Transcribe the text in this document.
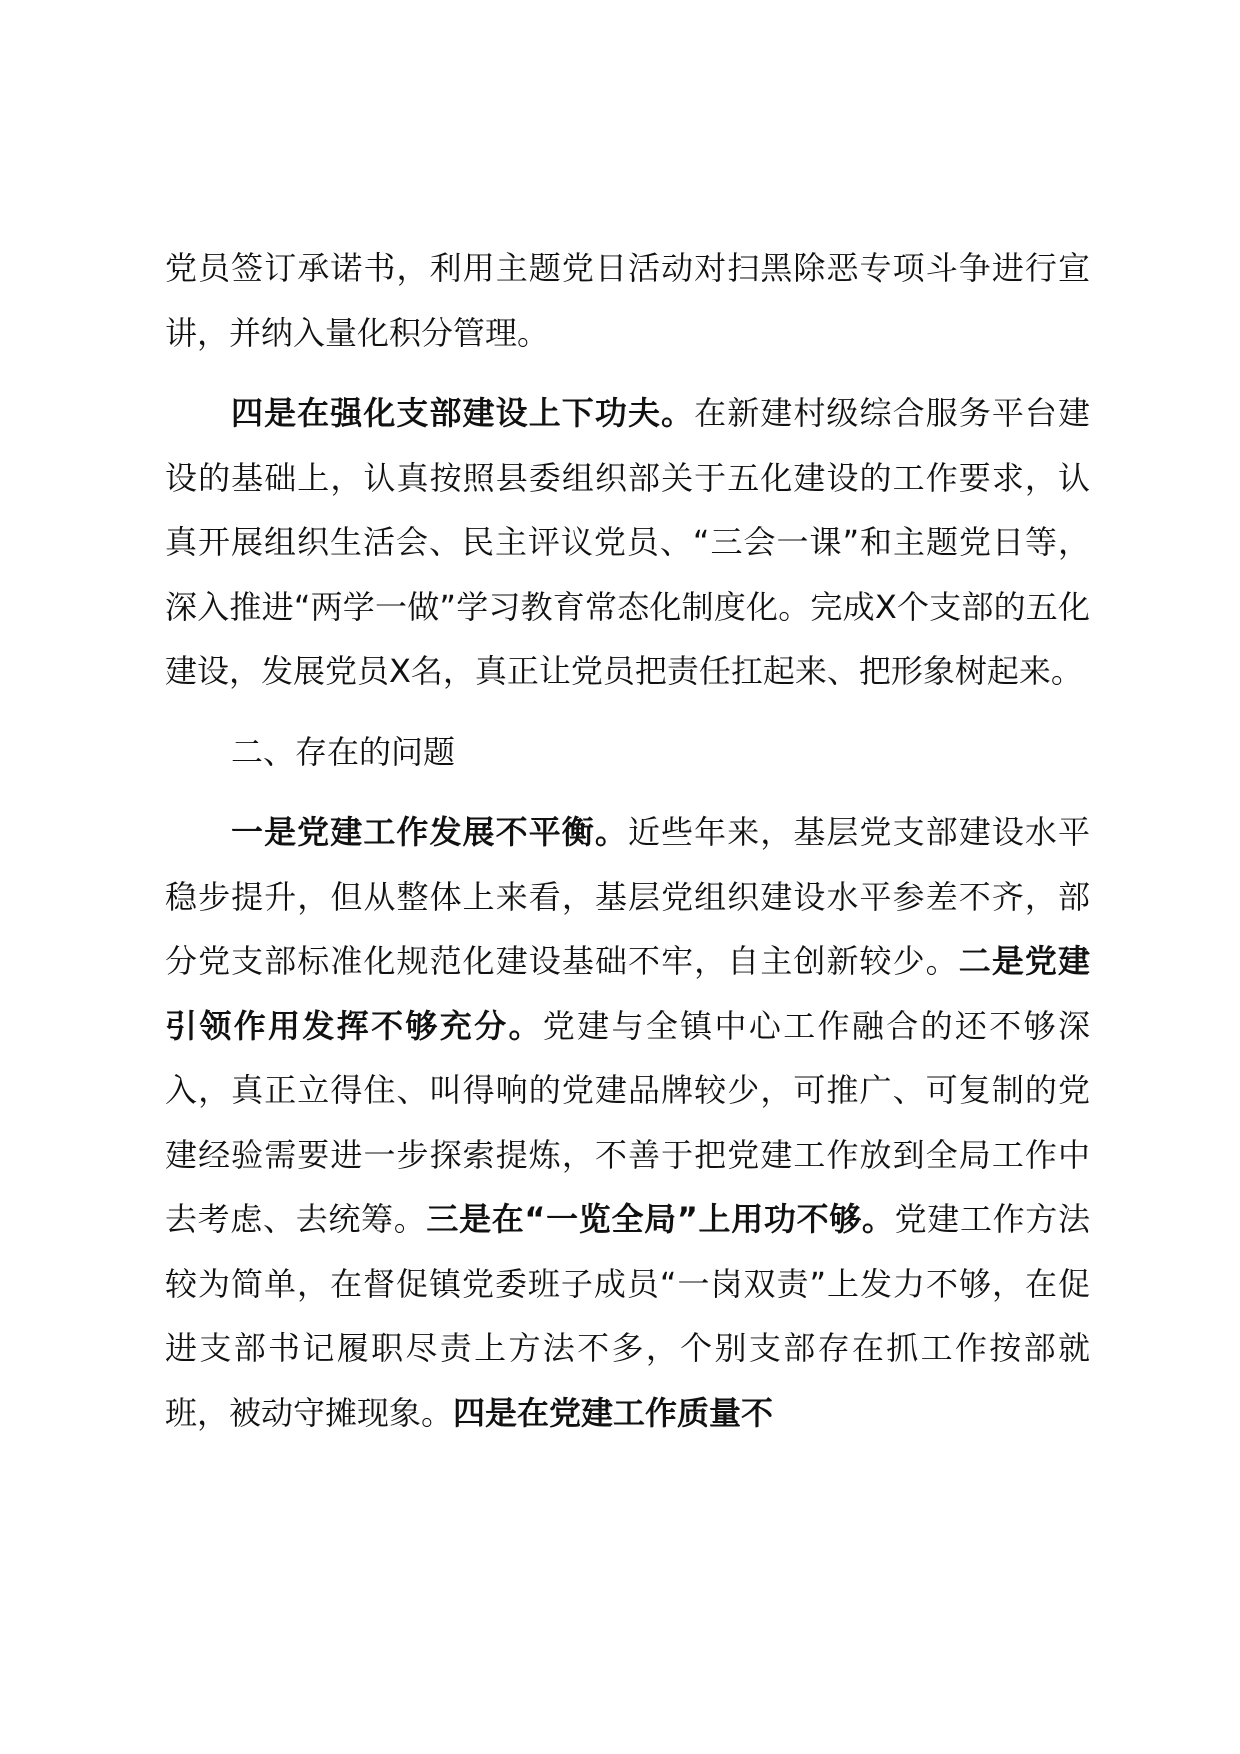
党员签订承诺书，利用主题党日活动对扫黑除恶专项斗争进行宣讲，并纳入量化积分管理。

四是在强化支部建设上下功夫。在新建村级综合服务平台建设的基础上，认真按照县委组织部关于五化建设的工作要求，认真开展组织生活会、民主评议党员、“三会一课”和主题党日等，深入推进“两学一做”学习教育常态化制度化。完成X个支部的五化建设，发展党员X名，真正让党员把责任扛起来、把形象树起来。

二、存在的问题

一是党建工作发展不平衡。近些年来，基层党支部建设水平稳步提升，但从整体上来看，基层党组织建设水平参差不齐，部分党支部标准化规范化建设基础不牢，自主创新较少。二是党建引领作用发挥不够充分。党建与全镇中心工作融合的还不够深入，真正立得住、叫得响的党建品牌较少，可推广、可复制的党建经验需要进一步探索提炼，不善于把党建工作放到全局工作中去考虑、去统筹。三是在“一览全局”上用功不够。党建工作方法较为简单，在督促镇党委班子成员“一岗双责”上发力不够，在促进支部书记履职尽责上方法不多，个别支部存在抓工作按部就班，被动守摊现象。四是在党建工作质量不
